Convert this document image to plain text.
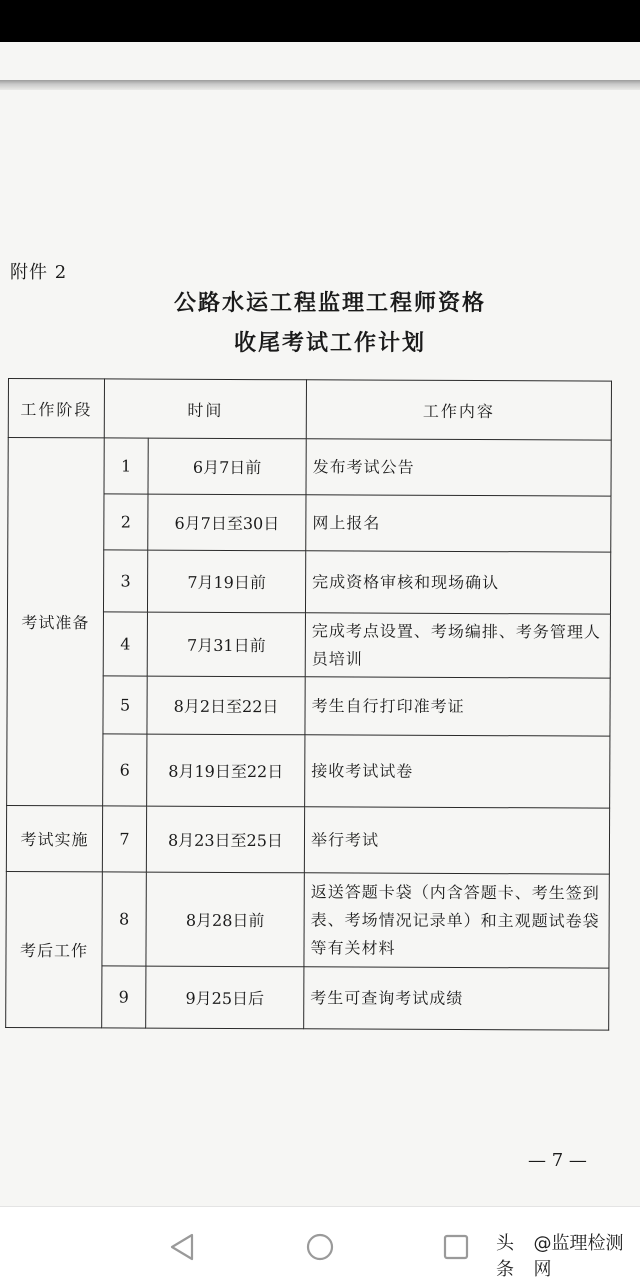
附件 2
公路水运工程监理工程师资格
收尾考试工作计划
工作阶段	时间		工作内容
考试准备	1	6月7日前	发布考试公告
	2	6月7日至30日	网上报名
	3	7月19日前	完成资格审核和现场确认
	4	7月31日前	完成考点设置、考场编排、考务管理人员培训
	5	8月2日至22日	考生自行打印准考证
	6	8月19日至22日	接收考试试卷
考试实施	7	8月23日至25日	举行考试
考后工作	8	8月28日前	返送答题卡袋（内含答题卡、考生签到表、考场情况记录单）和主观题试卷袋等有关材料
	9	9月25日后	考生可查询考试成绩
— 7 —
头条
@监理检测网
